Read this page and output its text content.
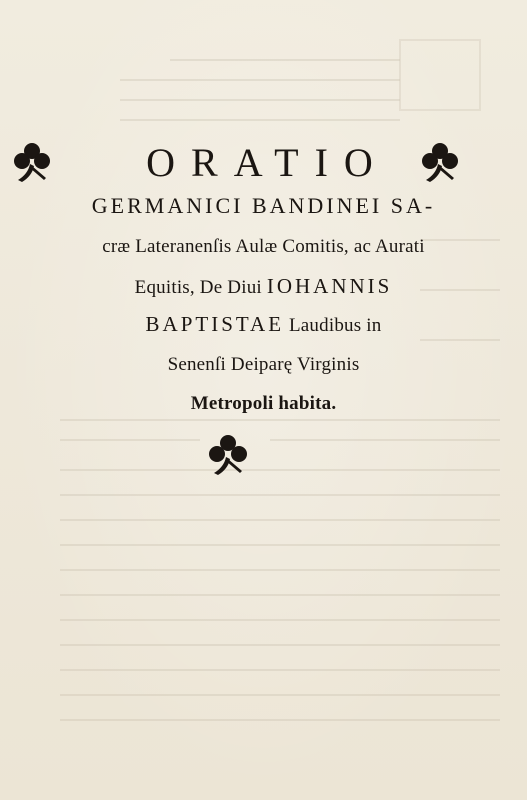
ORATIO
GERMANICI BANDINEI SA-
cræ Lateranenſis Aulæ Comitis, ac Aurati
Equitis, De Diui IOHANNIS
BAPTISTAE Laudibus in
Senenſi Deiparę Virginis
Metropoli habita.
